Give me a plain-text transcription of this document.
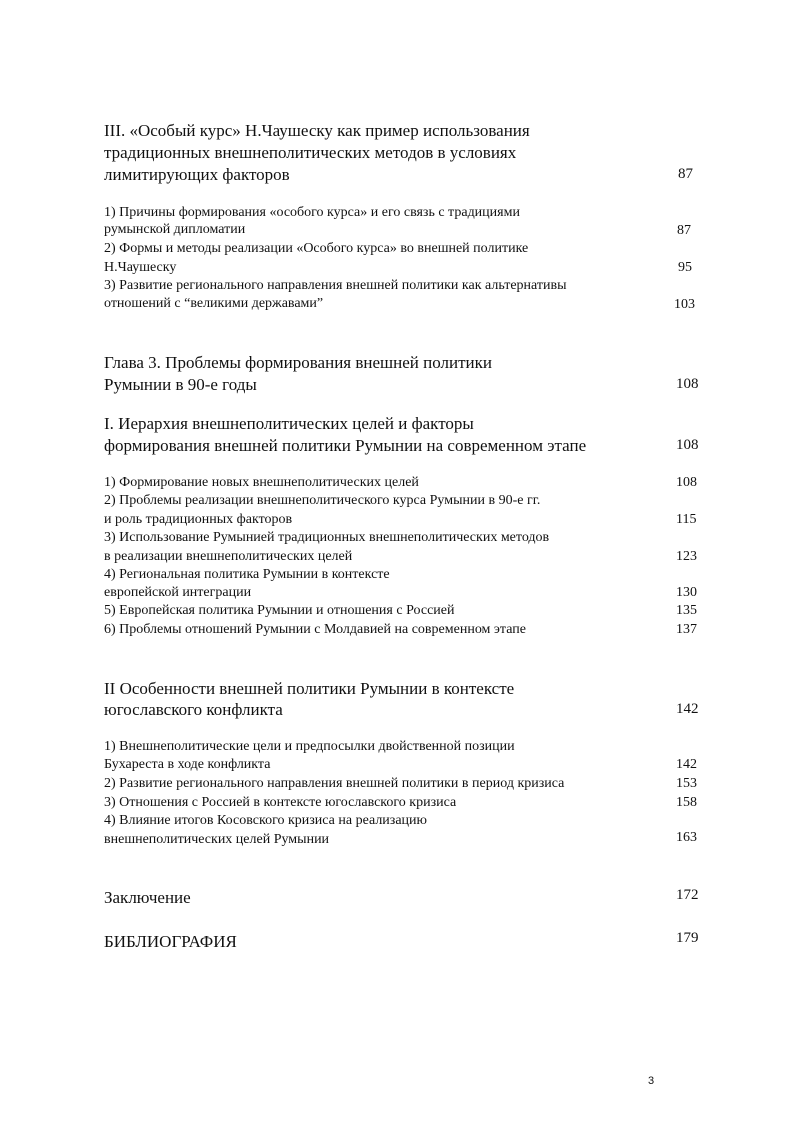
III. «Особый курс» Н.Чаушеску как пример использования
традиционных внешнеполитических методов в условиях
лимитирующих факторов	87
1) Причины формирования «особого курса» и его связь с традициями
румынской дипломатии	87
2) Формы и методы реализации «Особого курса» во внешней политике
Н.Чаушеску	95
3) Развитие регионального направления внешней политики как альтернативы
отношений с “великими державами”	103
Глава 3. Проблемы формирования внешней политики
Румынии в 90-е годы	108
I. Иерархия внешнеполитических целей и факторы
формирования внешней политики Румынии на современном этапе	108
1) Формирование новых внешнеполитических целей	108
2) Проблемы реализации внешнеполитического курса Румынии в 90-е гг.
и роль традиционных факторов	115
3) Использование Румынией традиционных внешнеполитических методов
в реализации внешнеполитических целей	123
4) Региональная политика Румынии в контексте
европейской интеграции	130
5) Европейская политика Румынии и отношения с Россией	135
6) Проблемы отношений Румынии с Молдавией на современном этапе	137
II Особенности внешней политики Румынии в контексте
югославского конфликта	142
1) Внешнеполитические цели и предпосылки двойственной позиции
Бухареста в ходе конфликта	142
2) Развитие регионального направления внешней политики в период кризиса	153
3) Отношения с Россией в контексте югославского кризиса	158
4) Влияние итогов Косовского кризиса на реализацию
внешнеполитических целей Румынии	163
Заключение	172
БИБЛИОГРАФИЯ	179
3
